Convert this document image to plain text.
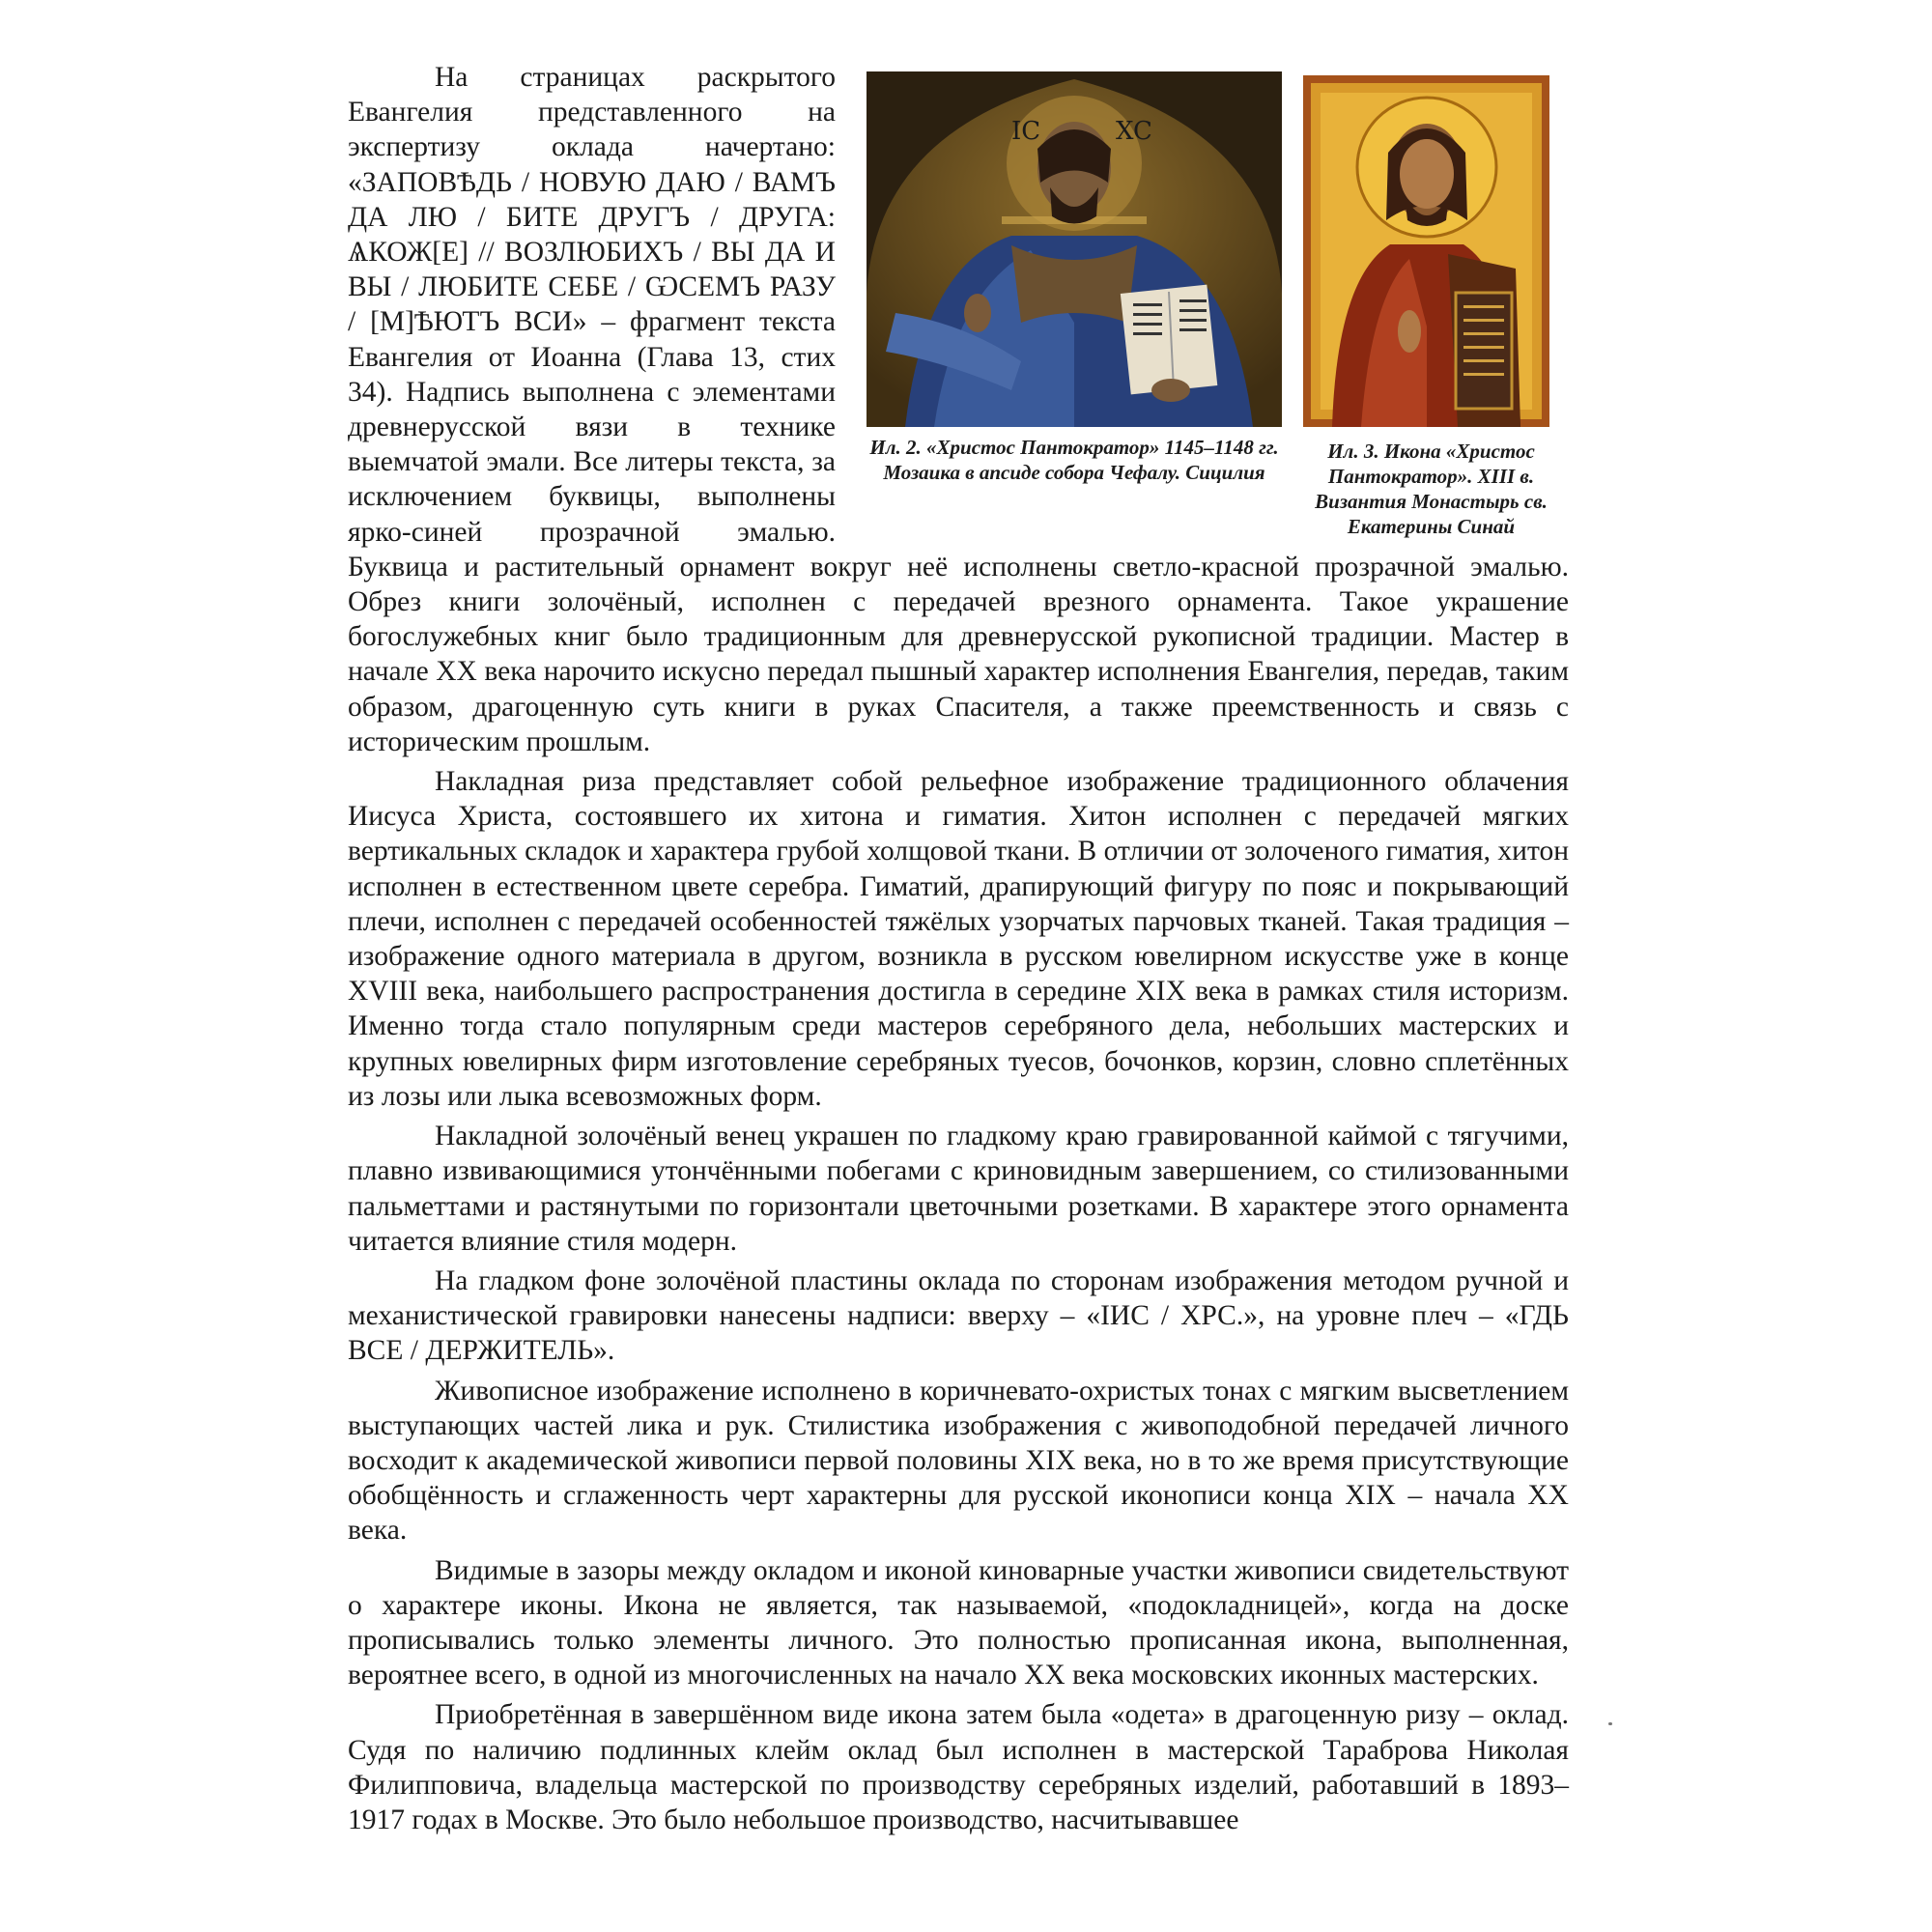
IC	XC
Ил. 2. «Христос Пантократор» 1145–1148 гг. Мозаика в апсиде собора Чефалу. Сицилия
Ил. 3. Икона «Христос Пантократор». XIII в. Византия Монастырь св. Екатерины Синай

На страницах раскрытого Евангелия представленного на экспертизу оклада начертано: «ЗАПОВѢДЬ / НОВУЮ ДАЮ / ВАМЪ ДА ЛЮ / БИТЕ ДРУГЪ / ДРУГА: ѦКОЖ[Е] // ВОЗЛЮБИХЪ / ВЫ ДА И ВЫ / ЛЮБИТЕ СЕБЕ / ѠСЕМЪ РАЗУ / [М]ѢЮТЪ ВСИ» – фрагмент текста Евангелия от Иоанна (Глава 13, стих 34). Надпись выполнена с элементами древнерусской вязи в технике выемчатой эмали. Все литеры текста, за исключением буквицы, выполнены ярко-синей прозрачной эмалью. Буквица и растительный орнамент вокруг неё исполнены светло-красной прозрачной эмалью. Обрез книги золочёный, исполнен с передачей врезного орнамента. Такое украшение богослужебных книг было традиционным для древнерусской рукописной традиции. Мастер в начале XX века нарочито искусно передал пышный характер исполнения Евангелия, передав, таким образом, драгоценную суть книги в руках Спасителя, а также преемственность и связь с историческим прошлым.

Накладная риза представляет собой рельефное изображение традиционного облачения Иисуса Христа, состоявшего их хитона и гиматия. Хитон исполнен с передачей мягких вертикальных складок и характера грубой холщовой ткани. В отличии от золоченого гиматия, хитон исполнен в естественном цвете серебра. Гиматий, драпирующий фигуру по пояс и покрывающий плечи, исполнен с передачей особенностей тяжёлых узорчатых парчовых тканей. Такая традиция – изображение одного материала в другом, возникла в русском ювелирном искусстве уже в конце XVIII века, наибольшего распространения достигла в середине XIX века в рамках стиля историзм. Именно тогда стало популярным среди мастеров серебряного дела, небольших мастерских и крупных ювелирных фирм изготовление серебряных туесов, бочонков, корзин, словно сплетённых из лозы или лыка всевозможных форм.

Накладной золочёный венец украшен по гладкому краю гравированной каймой с тягучими, плавно извивающимися утончёнными побегами с криновидным завершением, со стилизованными пальметтами и растянутыми по горизонтали цветочными розетками. В характере этого орнамента читается влияние стиля модерн.

На гладком фоне золочёной пластины оклада по сторонам изображения методом ручной и механистической гравировки нанесены надписи: вверху – «ІИС / ХРС.», на уровне плеч – «ГДЬ ВСЕ / ДЕРЖИТЕЛЬ».

Живописное изображение исполнено в коричневато-охристых тонах с мягким высветлением выступающих частей лика и рук. Стилистика изображения с живоподобной передачей личного восходит к академической живописи первой половины XIX века, но в то же время присутствующие обобщённость и сглаженность черт характерны для русской иконописи конца XIX – начала XX века.

Видимые в зазоры между окладом и иконой киноварные участки живописи свидетельствуют о характере иконы. Икона не является, так называемой, «подокладницей», когда на доске прописывались только элементы личного. Это полностью прописанная икона, выполненная, вероятнее всего, в одной из многочисленных на начало XX века московских иконных мастерских.

Приобретённая в завершённом виде икона затем была «одета» в драгоценную ризу – оклад. Судя по наличию подлинных клейм оклад был исполнен в мастерской Тараброва Николая Филипповича, владельца мастерской по производству серебряных изделий, работавший в 1893–1917 годах в Москве. Это было небольшое производство, насчитывавшее
